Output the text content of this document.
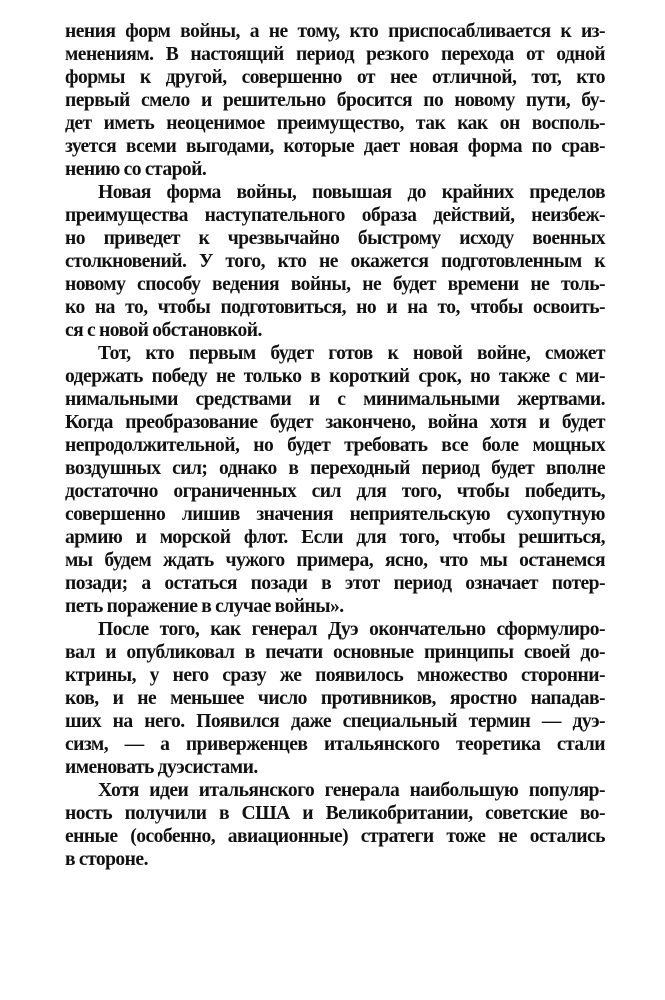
нения форм войны, а не тому, кто приспосабливается к из-
менениям. В настоящий период резкого перехода от одной
формы к другой, совершенно от нее отличной, тот, кто
первый смело и решительно бросится по новому пути, бу-
дет иметь неоценимое преимущество, так как он восполь-
зуется всеми выгодами, которые дает новая форма по срав-
нению со старой.
Новая форма войны, повышая до крайних пределов
преимущества наступательного образа действий, неизбеж-
но приведет к чрезвычайно быстрому исходу военных
столкновений. У того, кто не окажется подготовленным к
новому способу ведения войны, не будет времени не толь-
ко на то, чтобы подготовиться, но и на то, чтобы освоить-
ся с новой обстановкой.
Тот, кто первым будет готов к новой войне, сможет
одержать победу не только в короткий срок, но также с ми-
нимальными средствами и с минимальными жертвами.
Когда преобразование будет закончено, война хотя и будет
непродолжительной, но будет требовать все боле мощных
воздушных сил; однако в переходный период будет вполне
достаточно ограниченных сил для того, чтобы победить,
совершенно лишив значения неприятельскую сухопутную
армию и морской флот. Если для того, чтобы решиться,
мы будем ждать чужого примера, ясно, что мы останемся
позади; а остаться позади в этот период означает потер-
петь поражение в случае войны».
После того, как генерал Дуэ окончательно сформулиро-
вал и опубликовал в печати основные принципы своей до-
ктрины, у него сразу же появилось множество сторонни-
ков, и не меньшее число противников, яростно нападав-
ших на него. Появился даже специальный термин — дуэ-
сизм, — а приверженцев итальянского теоретика стали
именовать дуэсистами.
Хотя идеи итальянского генерала наибольшую популяр-
ность получили в США и Великобритании, советские во-
енные (особенно, авиационные) стратеги тоже не остались
в стороне.
